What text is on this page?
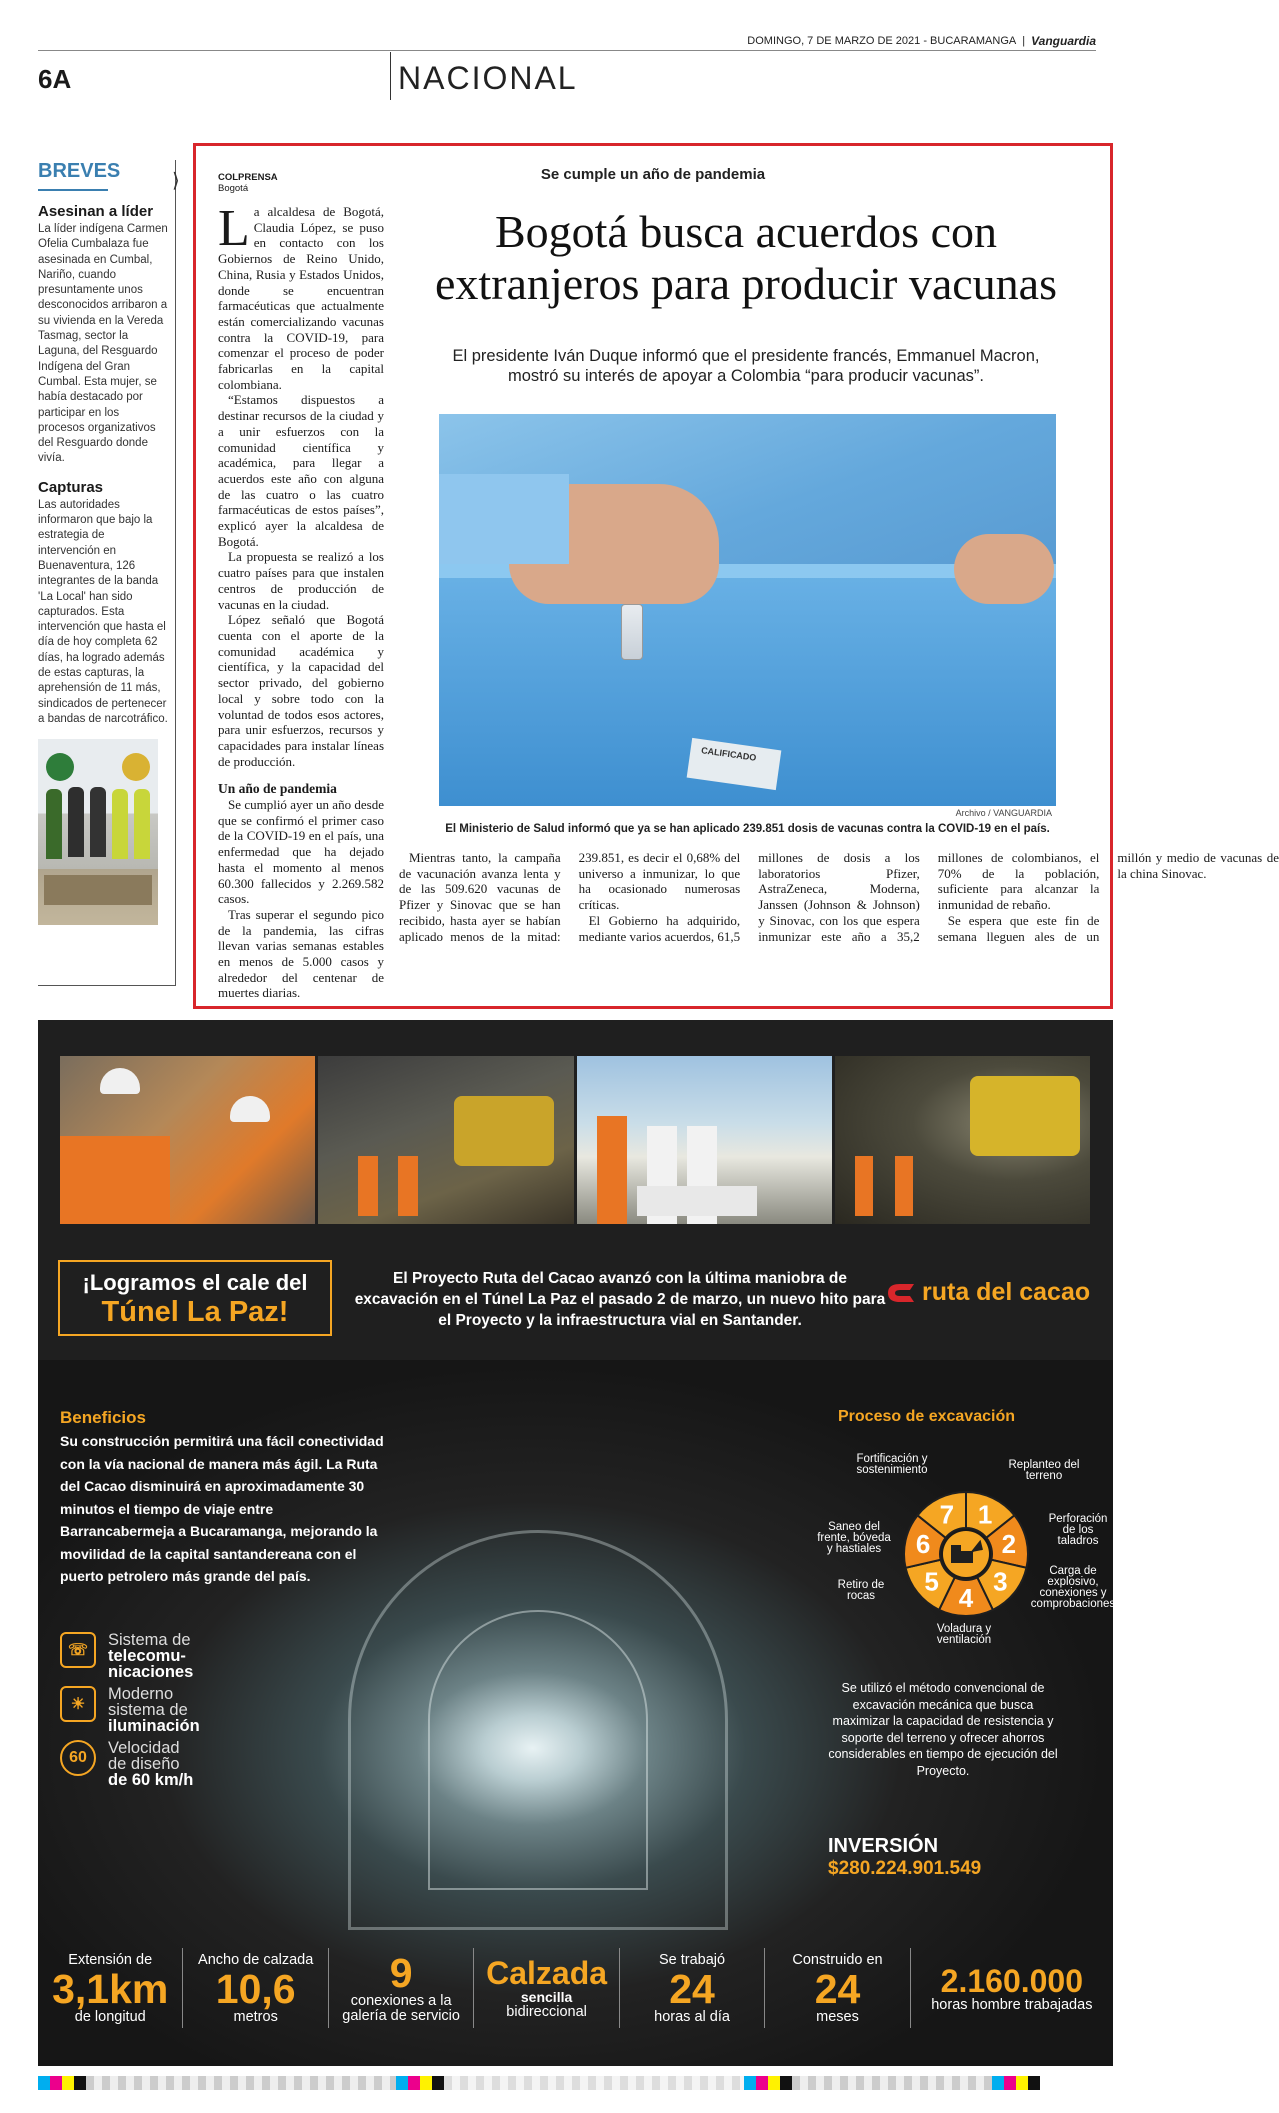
DOMINGO, 7 DE MARZO DE 2021 - BUCARAMANGA | Vanguardia
6A	NACIONAL
BREVES
Asesinan a líder
La líder indígena Carmen Ofelia Cumbalaza fue asesinada en Cumbal, Nariño, cuando presuntamente unos desconocidos arribaron a su vivienda en la Vereda Tasmag, sector la Laguna, del Resguardo Indígena del Gran Cumbal. Esta mujer, se había destacado por participar en los procesos organizativos del Resguardo donde vivía.
Capturas
Las autoridades informaron que bajo la estrategia de intervención en Buenaventura, 126 integrantes de la banda 'La Local' han sido capturados. Esta intervención que hasta el día de hoy completa 62 días, ha logrado además de estas capturas, la aprehensión de 11 más, sindicados de pertenecer a bandas de narcotráfico.
⟩	Se cumple un año de pandemia
COLPRENSA
Bogotá
Bogotá busca acuerdos con
extranjeros para producir vacunas
El presidente Iván Duque informó que el presidente francés, Emmanuel Macron, mostró su interés de apoyar a Colombia “para producir vacunas”.

La alcaldesa de Bogotá, Claudia López, se puso en contacto con los Gobiernos de Reino Unido, China, Rusia y Estados Unidos, donde se encuentran farmacéuticas que actualmente están comercializando vacunas contra la COVID-19, para comenzar el proceso de poder fabricarlas en la capital colombiana.

“Estamos dispuestos a destinar recursos de la ciudad y a unir esfuerzos con la comunidad científica y académica, para llegar a acuerdos este año con alguna de las cuatro o las cuatro farmacéuticas de estos países”, explicó ayer la alcaldesa de Bogotá.

La propuesta se realizó a los cuatro países para que instalen centros de producción de vacunas en la ciudad.

López señaló que Bogotá cuenta con el aporte de la comunidad académica y científica, y la capacidad del sector privado, del gobierno local y sobre todo con la voluntad de todos esos actores, para unir esfuerzos, recursos y capacidades para instalar líneas de producción.

Un año de pandemia

Se cumplió ayer un año desde que se confirmó el primer caso de la COVID-19 en el país, una enfermedad que ha dejado hasta el momento al menos 60.300 fallecidos y 2.269.582 casos.

Tras superar el segundo pico de la pandemia, las cifras llevan varias semanas estables en menos de 5.000 casos y alrededor del centenar de muertes diarias.

Mientras tanto, la campaña de vacunación avanza lenta y de las 509.620 vacunas de Pfizer y Sinovac que se han recibido, hasta ayer se habían aplicado menos de la mitad: 239.851, es decir el 0,68% del universo a inmunizar, lo que ha ocasionado numerosas críticas.

El Gobierno ha adquirido, mediante varios acuerdos, 61,5 millones de dosis a los laboratorios Pfizer, AstraZeneca, Moderna, Janssen (Johnson & Johnson) y Sinovac, con los que espera inmunizar este año a 35,2 millones de colombianos, el 70% de la población, suficiente para alcanzar la inmunidad de rebaño.

Se espera que este fin de semana lleguen ales de un millón y medio de vacunas de la china Sinovac.

CALIFICADO
Archivo / VANGUARDIA
El Ministerio de Salud informó que ya se han aplicado 239.851 dosis de vacunas contra la COVID-19 en el país.
¡Logramos el cale del
Túnel La Paz!
El Proyecto Ruta del Cacao avanzó con la última maniobra de excavación en el Túnel La Paz el pasado 2 de marzo, un nuevo hito para el Proyecto y la infraestructura vial en Santander.
ruta del cacao
Beneficios
Su construcción permitirá una fácil conectividad con la vía nacional de manera más ágil. La Ruta del Cacao disminuirá en aproximadamente 30 minutos el tiempo de viaje entre Barrancabermeja a Bucaramanga, mejorando la movilidad de la capital santandereana con el puerto petrolero más grande del país.
☏
Sistema de
telecomu-
nicaciones
☀
Moderno
sistema de
iluminación
60
Velocidad
de diseño
de 60 km/h
Proceso de excavación
1
2
3
4
5
6
7
Replanteo del terreno
Perforación de los taladros
Carga de explosivo, conexiones y comprobaciones
Voladura y ventilación
Retiro de rocas
Saneo del frente, bóveda y hastiales
Fortificación y sostenimiento
Se utilizó el método convencional de excavación mecánica que busca maximizar la capacidad de resistencia y soporte del terreno y ofrecer ahorros considerables en tiempo de ejecución del Proyecto.
INVERSIÓN
$280.224.901.549
Extensión de
3,1km
de longitud
Ancho de calzada
10,6
metros
9
conexiones a la galería de servicio
Calzada
sencilla
bidireccional
Se trabajó
24
horas al día
Construido en
24
meses
2.160.000
horas hombre trabajadas
